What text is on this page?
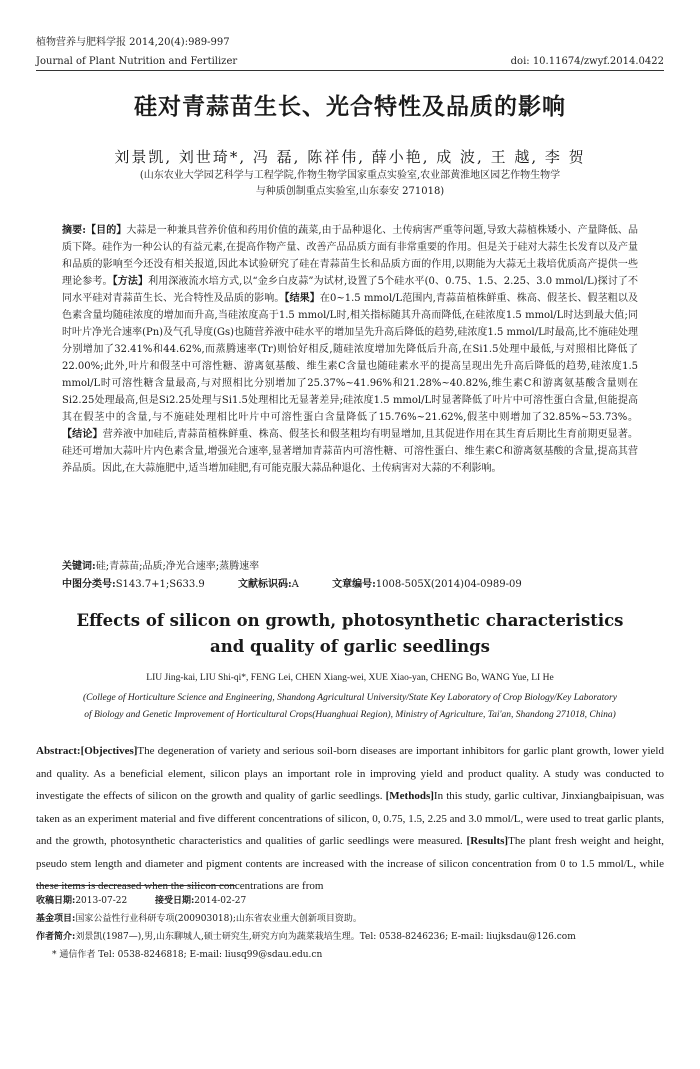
植物营养与肥料学报 2014,20(4):989-997
Journal of Plant Nutrition and Fertilizer	doi: 10.11674/zwyf.2014.0422
硅对青蒜苗生长、光合特性及品质的影响
刘景凯, 刘世琦*, 冯 磊, 陈祥伟, 薛小艳, 成 波, 王 越, 李 贺
(山东农业大学园艺科学与工程学院,作物生物学国家重点实验室,农业部黄淮地区园艺作物生物学
与种质创制重点实验室,山东泰安 271018)

摘要:【目的】大蒜是一种兼具营养价值和药用价值的蔬菜,由于品种退化、土传病害严重等问题,导致大蒜植株矮小、产量降低、品质下降。硅作为一种公认的有益元素,在提高作物产量、改善产品品质方面有非常重要的作用。但是关于硅对大蒜生长发育以及产量和品质的影响至今还没有相关报道,因此本试验研究了硅在青蒜苗生长和品质方面的作用,以期能为大蒜无土栽培优质高产提供一些理论参考。【方法】利用深液流水培方式,以“金乡白皮蒜”为试材,设置了5个硅水平(0、0.75、1.5、2.25、3.0 mmol/L)探讨了不同水平硅对青蒜苗生长、光合特性及品质的影响。【结果】在0~1.5 mmol/L范围内,青蒜苗植株鲜重、株高、假茎长、假茎粗以及色素含量均随硅浓度的增加而升高,当硅浓度高于1.5 mmol/L时,相关指标随其升高而降低,在硅浓度1.5 mmol/L时达到最大值;同时叶片净光合速率(Pn)及气孔导度(Gs)也随营养液中硅水平的增加呈先升高后降低的趋势,硅浓度1.5 mmol/L时最高,比不施硅处理分别增加了32.41%和44.62%,而蒸腾速率(Tr)则恰好相反,随硅浓度增加先降低后升高,在Si1.5处理中最低,与对照相比降低了22.00%;此外,叶片和假茎中可溶性糖、游离氨基酸、维生素C含量也随硅素水平的提高呈现出先升高后降低的趋势,硅浓度1.5 mmol/L时可溶性糖含量最高,与对照相比分别增加了25.37%~41.96%和21.28%~40.82%,维生素C和游离氨基酸含量则在Si2.25处理最高,但是Si2.25处理与Si1.5处理相比无显著差异;硅浓度1.5 mmol/L时显著降低了叶片中可溶性蛋白含量,但能提高其在假茎中的含量,与不施硅处理相比叶片中可溶性蛋白含量降低了15.76%~21.62%,假茎中则增加了32.85%~53.73%。【结论】营养液中加硅后,青蒜苗植株鲜重、株高、假茎长和假茎粗均有明显增加,且其促进作用在其生育后期比生育前期更显著。硅还可增加大蒜叶片内色素含量,增强光合速率,显著增加青蒜苗内可溶性糖、可溶性蛋白、维生素C和游离氨基酸的含量,提高其营养品质。因此,在大蒜施肥中,适当增加硅肥,有可能克服大蒜品种退化、土传病害对大蒜的不利影响。

关键词:硅;青蒜苗;品质;净光合速率;蒸腾速率
中图分类号:S143.7+1;S633.9	文献标识码:A	文章编号:1008-505X(2014)04-0989-09
Effects of silicon on growth, photosynthetic characteristics
and quality of garlic seedlings
LIU Jing-kai, LIU Shi-qi*, FENG Lei, CHEN Xiang-wei, XUE Xiao-yan, CHENG Bo, WANG Yue, LI He
(College of Horticulture Science and Engineering, Shandong Agricultural University/State Key Laboratory of Crop Biology/Key Laboratory
of Biology and Genetic Improvement of Horticultural Crops(Huanghuai Region), Ministry of Agriculture, Tai'an, Shandong 271018, China)

Abstract:[Objectives]The degeneration of variety and serious soil-born diseases are important inhibitors for garlic plant growth, lower yield and quality. As a beneficial element, silicon plays an important role in improving yield and product quality. A study was conducted to investigate the effects of silicon on the growth and quality of garlic seedlings. [Methods]In this study, garlic cultivar, Jinxiangbaipisuan, was taken as an experiment material and five different concentrations of silicon, 0, 0.75, 1.5, 2.25 and 3.0 mmol/L, were used to treat garlic plants, and the growth, photosynthetic characteristics and qualities of garlic seedlings were measured. [Results]The plant fresh weight and height, pseudo stem length and diameter and pigment contents are increased with the increase of silicon concentration from 0 to 1.5 mmol/L, while these items is decreased when the silicon concentrations are from

收稿日期:2013-07-22	接受日期:2014-02-27
基金项目:国家公益性行业科研专项(200903018);山东省农业重大创新项目资助。
作者简介:刘景凯(1987—),男,山东聊城人,硕士研究生,研究方向为蔬菜栽培生理。Tel: 0538-8246236; E-mail: liujksdau@126.com
* 通信作者 Tel: 0538-8246818; E-mail: liusq99@sdau.edu.cn
